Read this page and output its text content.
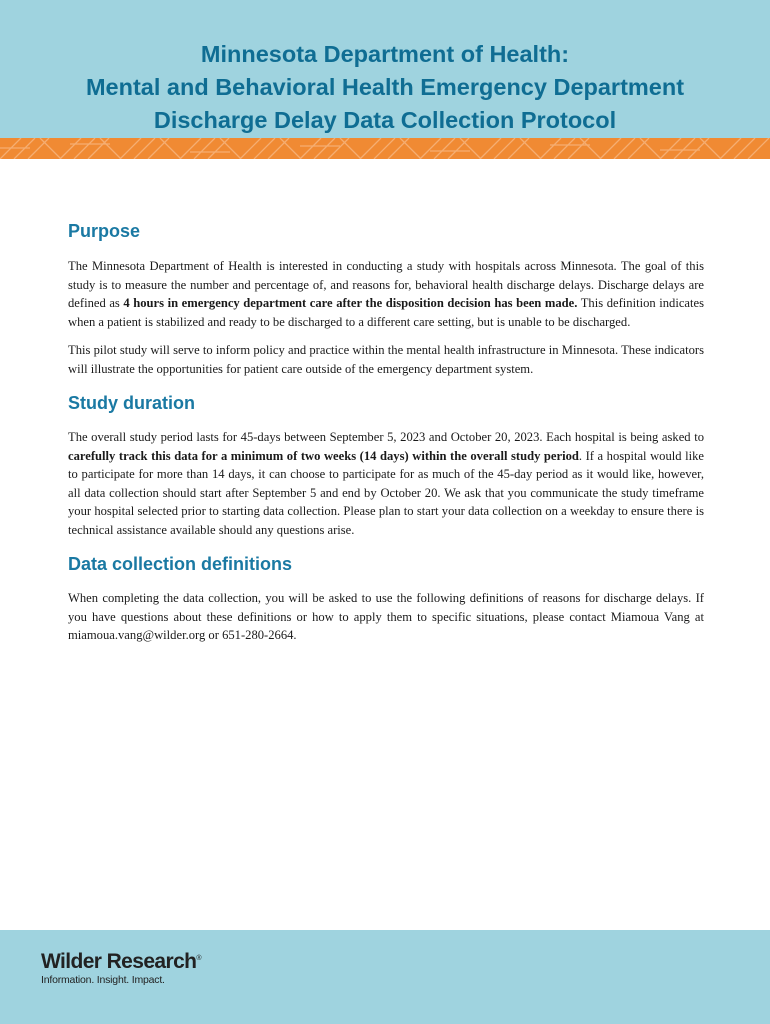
Minnesota Department of Health:
Mental and Behavioral Health Emergency Department
Discharge Delay Data Collection Protocol
Purpose

The Minnesota Department of Health is interested in conducting a study with hospitals across Minnesota. The goal of this study is to measure the number and percentage of, and reasons for, behavioral health discharge delays. Discharge delays are defined as 4 hours in emergency department care after the disposition decision has been made. This definition indicates when a patient is stabilized and ready to be discharged to a different care setting, but is unable to be discharged.

This pilot study will serve to inform policy and practice within the mental health infrastructure in Minnesota. These indicators will illustrate the opportunities for patient care outside of the emergency department system.

Study duration

The overall study period lasts for 45-days between September 5, 2023 and October 20, 2023. Each hospital is being asked to carefully track this data for a minimum of two weeks (14 days) within the overall study period. If a hospital would like to participate for more than 14 days, it can choose to participate for as much of the 45-day period as it would like, however, all data collection should start after September 5 and end by October 20. We ask that you communicate the study timeframe your hospital selected prior to starting data collection. Please plan to start your data collection on a weekday to ensure there is technical assistance available should any questions arise.

Data collection definitions

When completing the data collection, you will be asked to use the following definitions of reasons for discharge delays. If you have questions about these definitions or how to apply them to specific situations, please contact Miamoua Vang at miamoua.vang@wilder.org or 651-280-2664.

Wilder Research®
Information. Insight. Impact.
